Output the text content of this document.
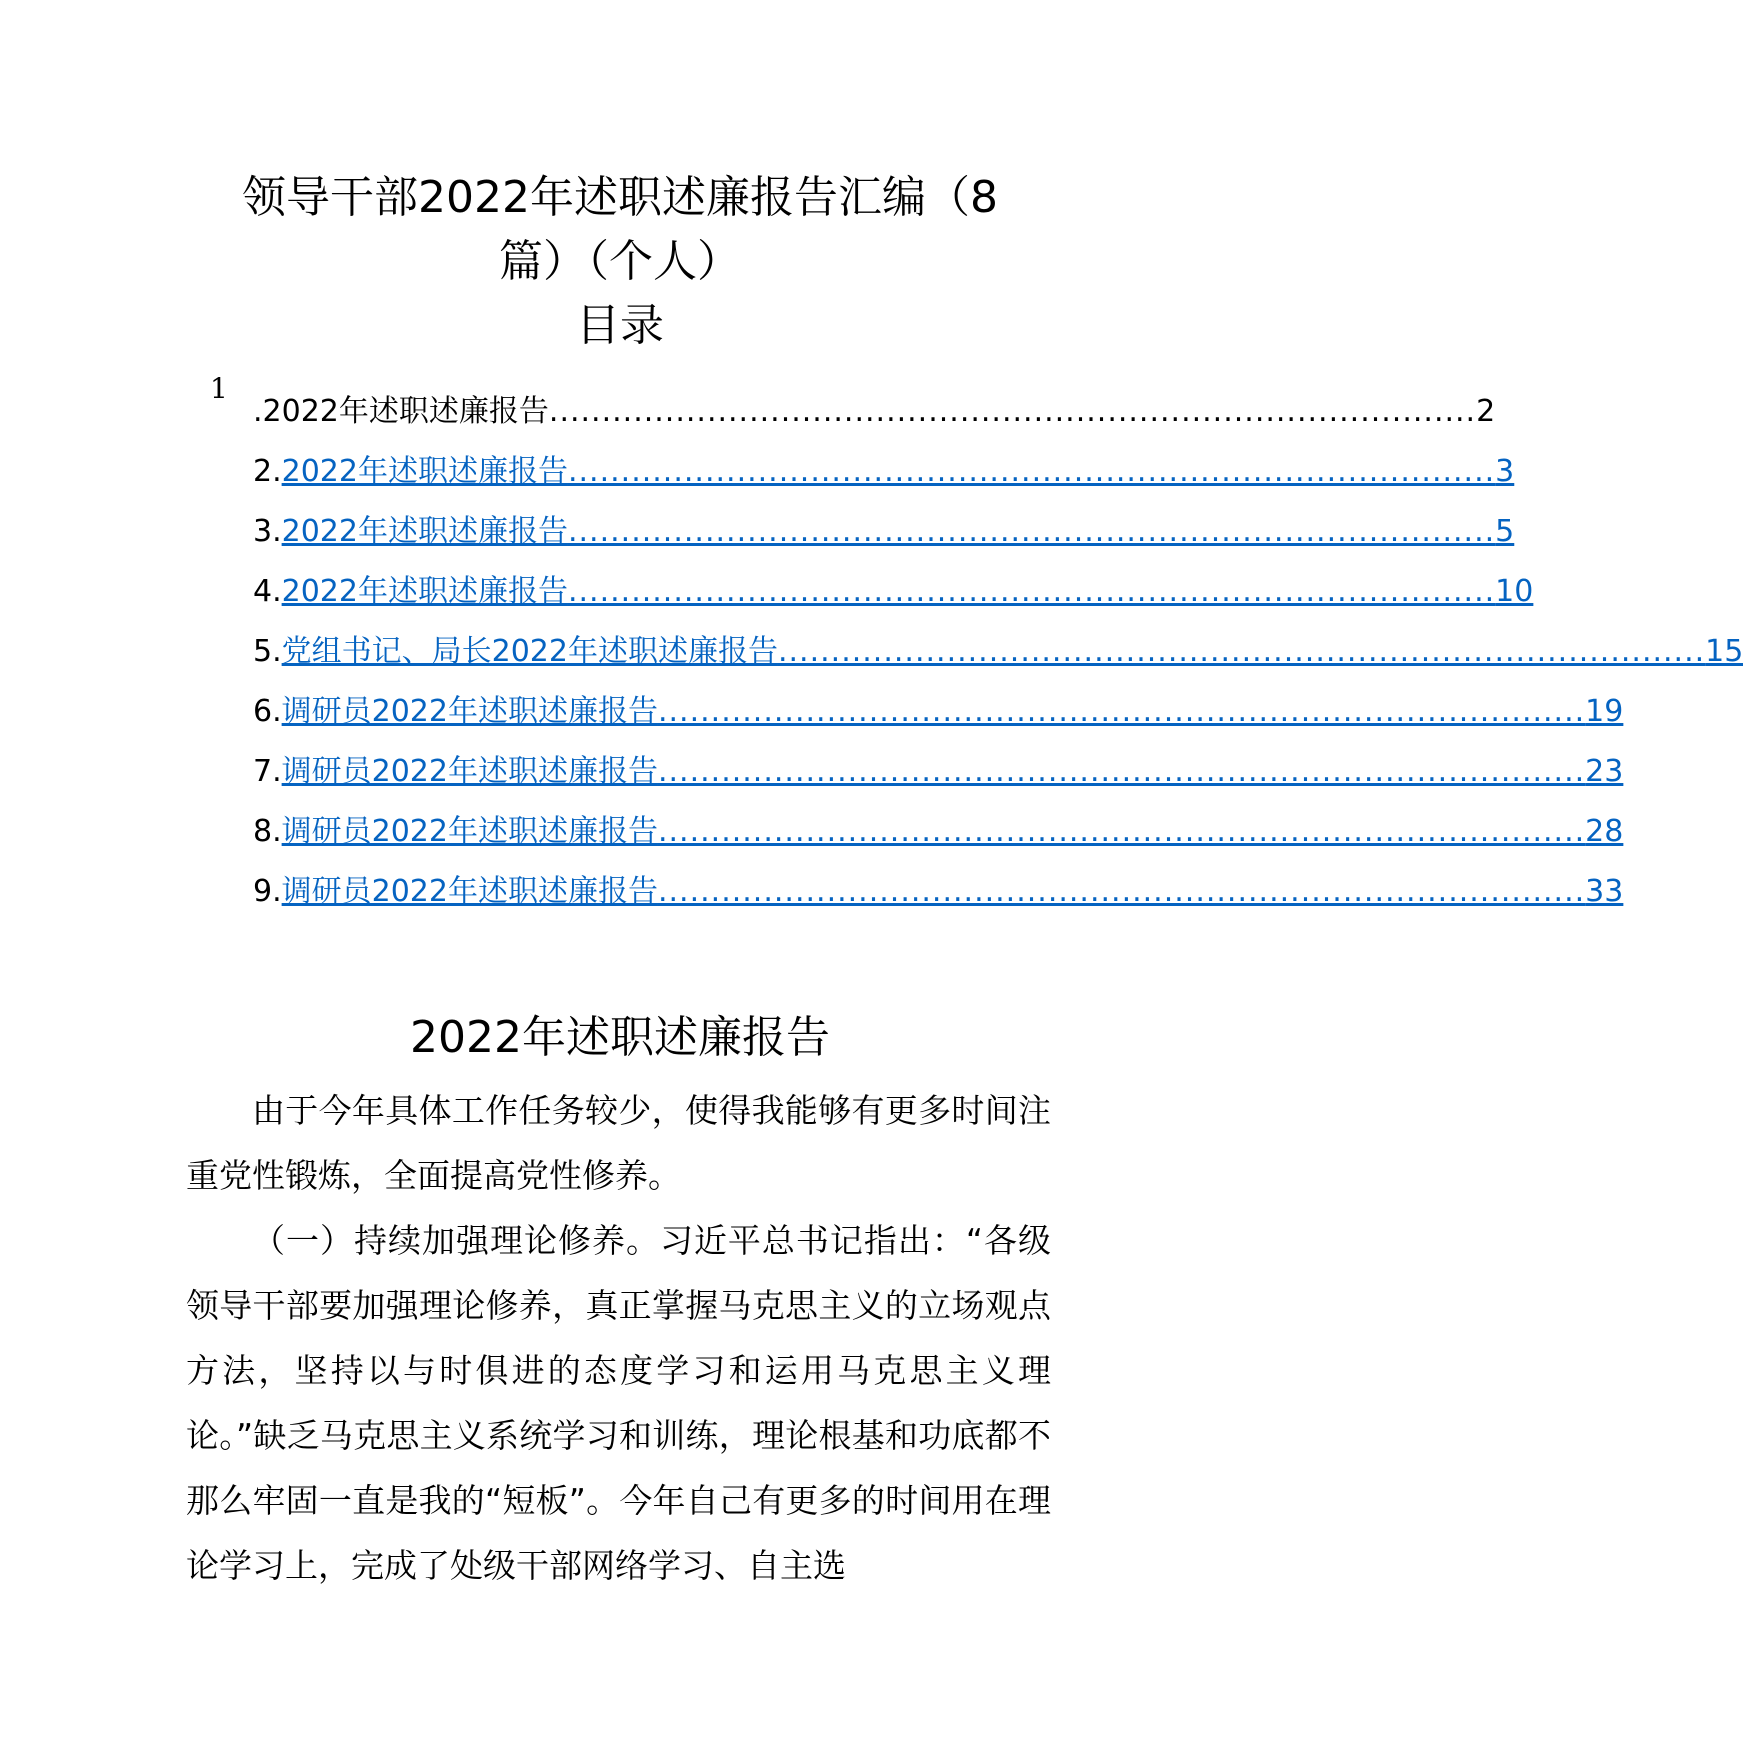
领导干部2022年述职述廉报告汇编（8
篇）（个人）
目录
1
. 2022年述职述廉报告 ........................................................................................ 2
2. 2022年述职述廉报告 ........................................................................................ 3
3. 2022年述职述廉报告 ........................................................................................ 5
4. 2022年述职述廉报告 ........................................................................................ 10
5. 党组书记、局长2022年述职述廉报告 ........................................................................................ 15
6. 调研员2022年述职述廉报告 ........................................................................................ 19
7. 调研员2022年述职述廉报告 ........................................................................................ 23
8. 调研员2022年述职述廉报告 ........................................................................................ 28
9. 调研员2022年述职述廉报告 ........................................................................................ 33
2022年述职述廉报告

由于今年具体工作任务较少，使得我能够有更多时间注重党性锻炼，全面提高党性修养。

（一）持续加强理论修养。习近平总书记指出：“各级领导干部要加强理论修养，真正掌握马克思主义的立场观点方法，坚持以与时俱进的态度学习和运用马克思主义理论。”缺乏马克思主义系统学习和训练，理论根基和功底都不那么牢固一直是我的“短板”。今年自己有更多的时间用在理论学习上，完成了处级干部网络学习、自主选
